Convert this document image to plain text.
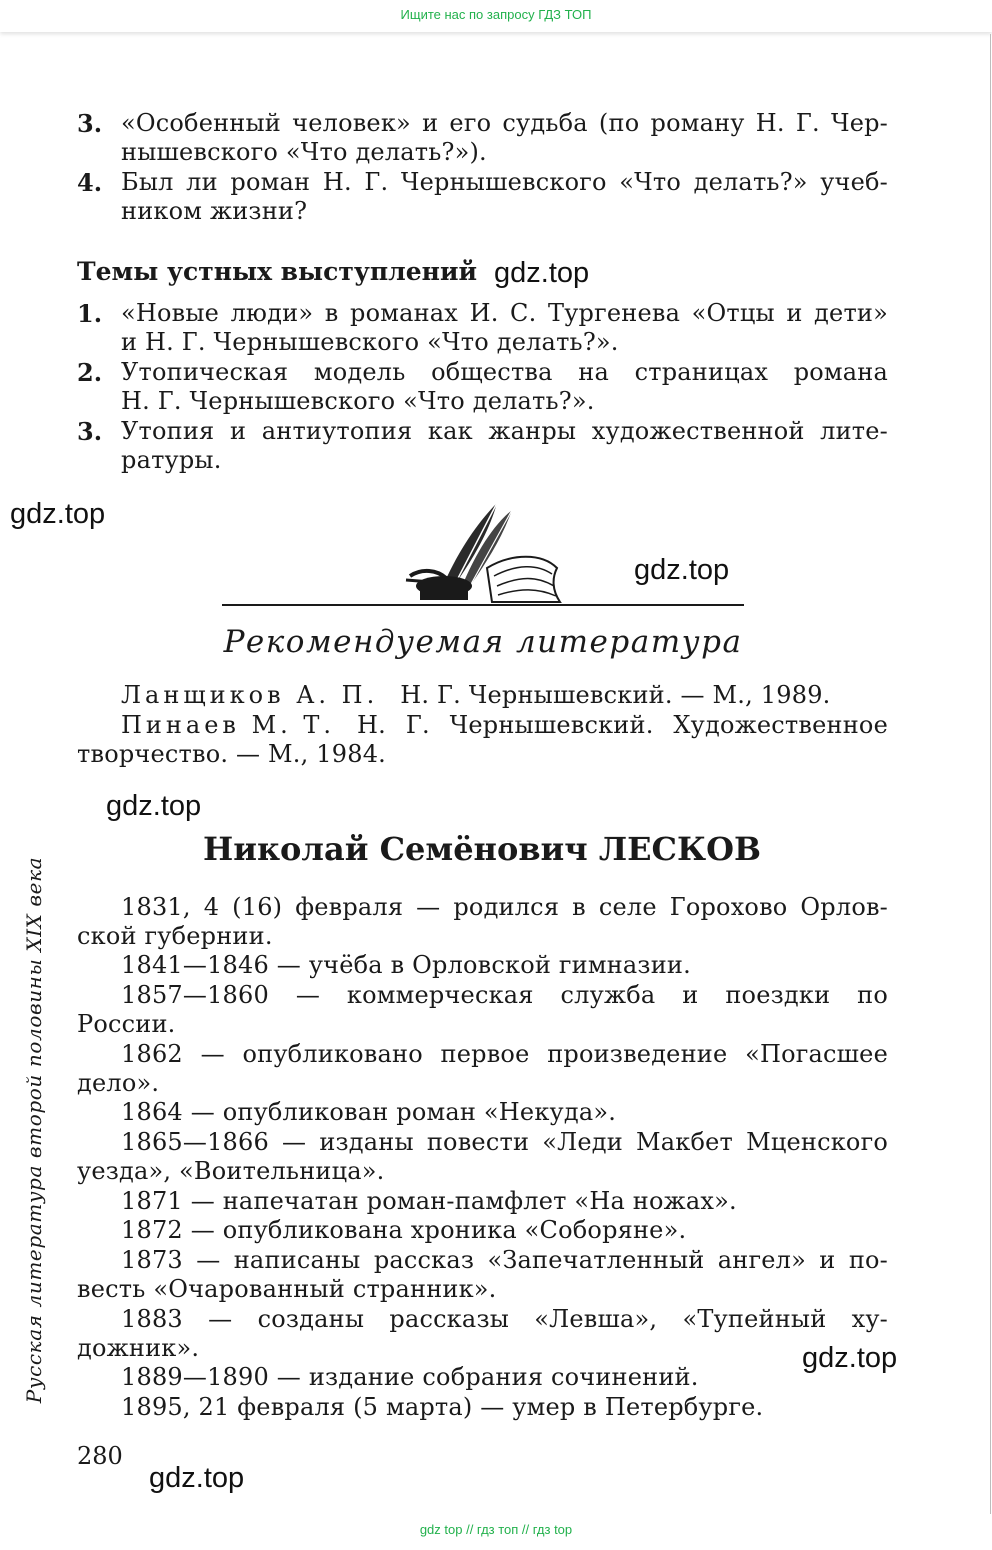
Ищите нас по запросу ГДЗ ТОП
3. «Особенный человек» и его судьба (по роману Н. Г. Чер-
нышевского «Что делать?»).
4. Был ли роман Н. Г. Чернышевского «Что делать?» учеб-
ником жизни?
Темы устных выступлений
1. «Новые люди» в романах И. С. Тургенева «Отцы и дети»
и Н. Г. Чернышевского «Что делать?».
2. Утопическая модель общества на страницах романа
Н. Г. Чернышевского «Что делать?».
3. Утопия и антиутопия как жанры художественной лите-
ратуры.
Рекомендуемая литература
Ланщиков А. П. Н. Г. Чернышевский. — М., 1989.
Пинаев М. Т. Н. Г. Чернышевский. Художественное
творчество. — М., 1984.
Николай Семёнович ЛЕСКОВ
1831, 4 (16) февраля — родился в селе Горохово Орлов-
ской губернии.
1841—1846 — учёба в Орловской гимназии.
1857—1860 — коммерческая служба и поездки по
России.
1862 — опубликовано первое произведение «Погасшее
дело».
1864 — опубликован роман «Некуда».
1865—1866 — изданы повести «Леди Макбет Мценского
уезда», «Воительница».
1871 — напечатан роман-памфлет «На ножах».
1872 — опубликована хроника «Соборяне».
1873 — написаны рассказ «Запечатленный ангел» и по-
весть «Очарованный странник».
1883 — созданы рассказы «Левша», «Тупейный ху-
дожник».
1889—1890 — издание собрания сочинений.
1895, 21 февраля (5 марта) — умер в Петербурге.
Русская литература второй половины XIX века
280
gdz.top
gdz.top
gdz.top
gdz.top
gdz.top
gdz.top
gdz top // гдз топ // гдз top
